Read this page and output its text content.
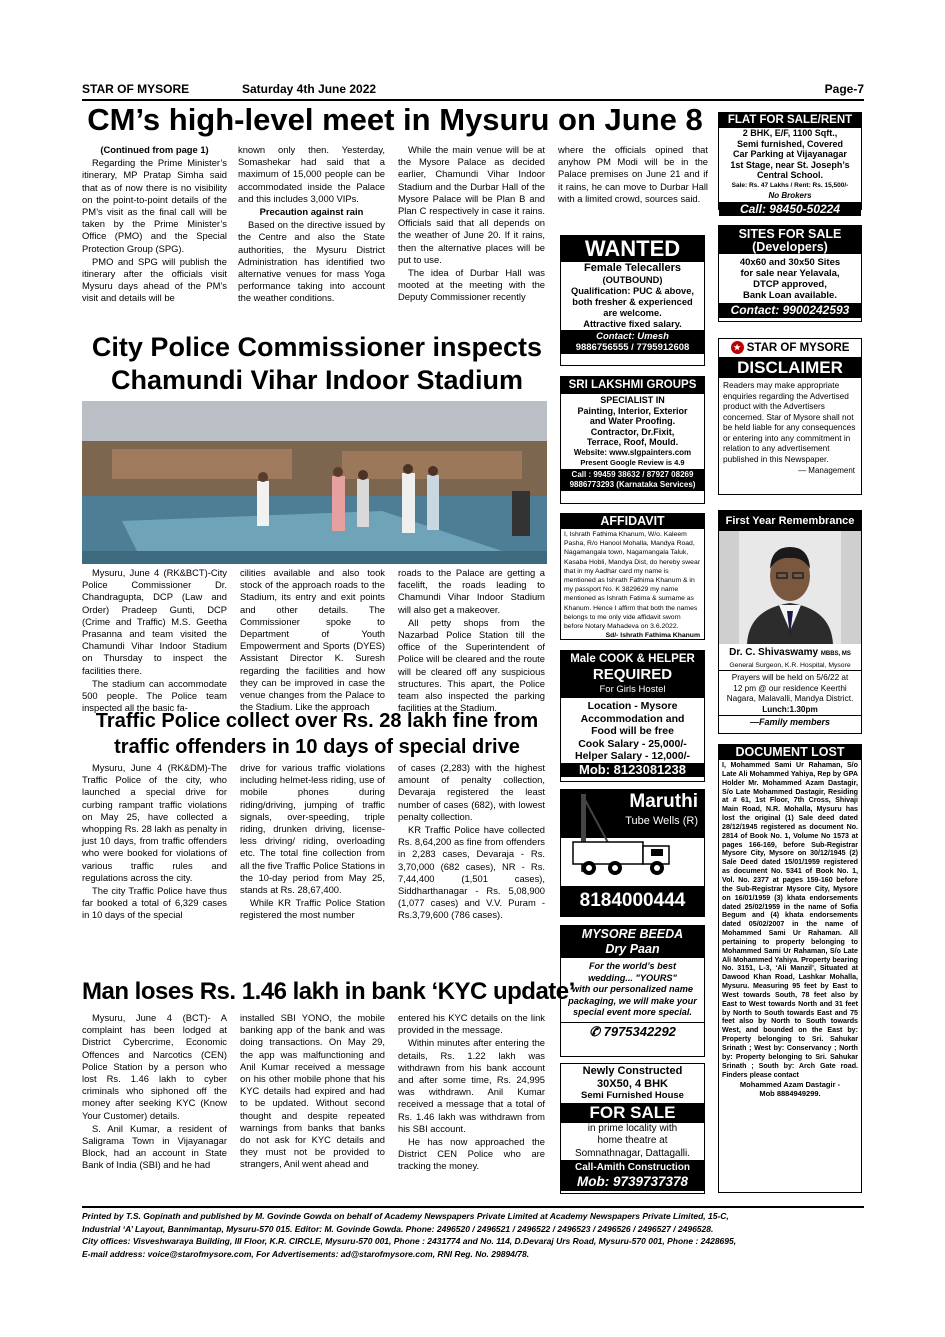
STAR OF MYSORE	Saturday 4th June 2022	Page-7
CM’s high-level meet in Mysuru on June 8

(Continued from page 1)

Regarding the Prime Minister’s itinerary, MP Pratap Simha said that as of now there is no visibility on the point-to-point details of the PM’s visit as the final call will be taken by the Prime Minister’s Office (PMO) and the Special Protection Group (SPG).

PMO and SPG will publish the itinerary after the officials visit Mysuru days ahead of the PM’s visit and details will be

known only then. Yesterday, Somashekar had said that a maximum of 15,000 people can be accommodated inside the Palace and this includes 3,000 VIPs.

Precaution against rain

Based on the directive issued by the Centre and also the State authorities, the Mysuru District Administration has identified two alternative venues for mass Yoga performance taking into account the weather conditions.

While the main venue will be at the Mysore Palace as decided earlier, Chamundi Vihar Indoor Stadium and the Durbar Hall of the Mysore Palace will be Plan B and Plan C respectively in case it rains. Officials said that all depends on the weather of June 20. If it rains, then the alternative places will be put to use.

The idea of Durbar Hall was mooted at the meeting with the Deputy Commissioner recently

where the officials opined that anyhow PM Modi will be in the Palace premises on June 21 and if it rains, he can move to Durbar Hall with a limited crowd, sources said.

City Police Commissioner inspects
Chamundi Vihar Indoor Stadium

Mysuru, June 4 (RK&BCT)-City Police Commissioner Dr. Chandragupta, DCP (Law and Order) Pradeep Gunti, DCP (Crime and Traffic) M.S. Geetha Prasanna and team visited the Chamundi Vihar Indoor Stadium on Thursday to inspect the facilities there.

The stadium can accommodate 500 people. The Police team inspected all the basic fa-

cilities available and also took stock of the approach roads to the Stadium, its entry and exit points and other details. The Commissioner spoke to Department of Youth Empowerment and Sports (DYES) Assistant Director K. Suresh regarding the facilities and how they can be improved in case the venue changes from the Palace to the Stadium. Like the approach

roads to the Palace are getting a facelift, the roads leading to Chamundi Vihar Indoor Stadium will also get a makeover.

All petty shops from the Nazarbad Police Station till the office of the Superintendent of Police will be cleared and the route will be cleared off any suspicious structures. This apart, the Police team also inspected the parking facilities at the Stadium.

Traffic Police collect over Rs. 28 lakh fine from
traffic offenders in 10 days of special drive

Mysuru, June 4 (RK&DM)-The Traffic Police of the city, who launched a special drive for curbing rampant traffic violations on May 25, have collected a whopping Rs. 28 lakh as penalty in just 10 days, from traffic offenders who were booked for violations of various traffic rules and regulations across the city.

The city Traffic Police have thus far booked a total of 6,329 cases in 10 days of the special

drive for various traffic violations including helmet-less riding, use of mobile phones during riding/driving, jumping of traffic signals, over-speeding, triple riding, drunken driving, license-less driving/ riding, overloading etc. The total fine collection from all the five Traffic Police Stations in the 10-day period from May 25, stands at Rs. 28,67,400.

While KR Traffic Police Station registered the most number

of cases (2,283) with the highest amount of penalty collection, Devaraja registered the least number of cases (682), with lowest penalty collection.

KR Traffic Police have collected Rs. 8,64,200 as fine from offenders in 2,283 cases, Devaraja - Rs. 3,70,000 (682 cases), NR - Rs. 7,44,400 (1,501 cases), Siddharthanagar - Rs. 5,08,900 (1,077 cases) and V.V. Puram - Rs.3,79,600 (786 cases).

Man loses Rs. 1.46 lakh in bank ‘KYC update’

Mysuru, June 4 (BCT)- A complaint has been lodged at District Cybercrime, Economic Offences and Narcotics (CEN) Police Station by a person who lost Rs. 1.46 lakh to cyber criminals who siphoned off the money after seeking KYC (Know Your Customer) details.

S. Anil Kumar, a resident of Saligrama Town in Vijayanagar Block, had an account in State Bank of India (SBI) and he had

installed SBI YONO, the mobile banking app of the bank and was doing transactions. On May 29, the app was malfunctioning and Anil Kumar received a message on his other mobile phone that his KYC details had expired and had to be updated. Without second thought and despite repeated warnings from banks that banks do not ask for KYC details and they must not be provided to strangers, Anil went ahead and

entered his KYC details on the link provided in the message.

Within minutes after entering the details, Rs. 1.22 lakh was withdrawn from his bank account and after some time, Rs. 24,995 was withdrawn. Anil Kumar received a message that a total of Rs. 1.46 lakh was withdrawn from his SBI account.

He has now approached the District CEN Police who are tracking the money.

FLAT FOR SALE/RENT
2 BHK, E/F, 1100 Sqft.,
Semi furnished, Covered
Car Parking at Vijayanagar
1st Stage, near St. Joseph’s
Central School.
Sale: Rs. 47 Lakhs / Rent: Rs. 15,500/-
No Brokers
Call: 98450-50224
SITES FOR SALE
(Developers)
40x60 and 30x50 Sites
for sale near Yelavala,
DTCP approved,
Bank Loan available.
Contact: 9900242593
WANTED
Female Telecallers
(OUTBOUND)
Qualification: PUC & above,
both fresher & experienced
are welcome.
Attractive fixed salary.
Contact: Umesh
9886756555 / 7795912608	★ STAR OF MYSORE
DISCLAIMER
Readers may make appropriate enquiries regarding the Advertised product with the Advertisers concerned. Star of Mysore shall not be held liable for any consequences or entering into any commitment in relation to any advertisement published in this Newspaper.
— Management
SRI LAKSHMI GROUPS
SPECIALIST IN
Painting, Interior, Exterior
and Water Proofing.
Contractor, Dr.Fixit,
Terrace, Roof, Mould.
Website: www.slgpainters.com
Present Google Review is 4.9
Call : 99459 38632 / 87927 08269
9886773293 (Karnataka Services)
AFFIDAVIT
I, Ishrath Fathima Khanum, W/o. Kaleem Pasha, R/o Hanool Mohalla, Mandya Road, Nagamangala town, Nagamangala Taluk, Kasaba Hobli, Mandya Dist, do hereby swear that in my Aadhar card my name is mentioned as Ishrath Fathima Khanum & in my passport No. K 3829629 my name mentioned as Ishrath Fatima & surname as Khanum. Hence I affirm that both the names belongs to me only vide affidavit sworn before Notary Mahadeva on 3.6.2022.
Sd/- Ishrath Fathima Khanum
First Year Remembrance
Dr. C. Shivaswamy MBBS, MS
General Surgeon, K.R. Hospital, Mysore
Prayers will be held on 5/6/22 at
12 pm @ our residence Keerthi
Nagara, Malavalli, Mandya District.
Lunch:1.30pm
—Family members
Male COOK & HELPER
REQUIRED
For Girls Hostel
Location - Mysore
Accommodation and
Food will be free
Cook Salary - 25,000/-
Helper Salary - 12,000/-
Mob: 8123081238
DOCUMENT LOST
I, Mohammed Sami Ur Rahaman, S/o Late Ali Mohammed Yahiya, Rep by GPA Holder Mr. Mohammed Azam Dastagir, S/o Late Mohammed Dastagir, Residing at # 61, 1st Floor, 7th Cross, Shivaji Main Road, N.R. Mohalla, Mysuru has lost the original (1) Sale deed dated 28/12/1945 registered as document No. 2814 of Book No. 1, Volume No 1573 at pages 166-169, before Sub-Registrar Mysore City, Mysore on 30/12/1945 (2) Sale Deed dated 15/01/1959 registered as document No. 5341 of Book No. 1, Vol. No. 2377 at pages 159-160 before the Sub-Registrar Mysore City, Mysore on 16/01/1959 (3) khata endorsements dated 25/02/1959 in the name of Sofia Begum and (4) khata endorsements dated 05/02/2007 in the name of Mohammed Sami Ur Rahaman. All pertaining to property belonging to Mohammed Sami Ur Rahaman, S/o Late Ali Mohammed Yahiya. Property bearing No. 3151, L-3, ‘Ali Manzil’, Situated at Dawood Khan Road, Lashkar Mohalla, Mysuru. Measuring 95 feet by East to West towards South, 78 feet also by East to West towards North and 31 feet by North to South towards East and 75 feet also by North to South towards West, and bounded on the East by: Property belonging to Sri. Sahukar Srinath ; West by: Conservancy ; North by: Property belonging to Sri. Sahukar Srinath ; South by: Arch Gate road. Finders please contact
Mohammed Azam Dastagir -
Mob 8884949299.
Maruthi
Tube Wells (R)
8184000444
MYSORE BEEDA
Dry Paan
For the world’s best
wedding... "YOURS"
with our personalized name
packaging, we will make your
special event more special.
✆ 7975342292
Newly Constructed
30X50, 4 BHK
Semi Furnished House
FOR SALE
in prime locality with
home theatre at
Somnathnagar, Dattagalli.
Call-Amith Construction
Mob: 9739737378
Printed by T.S. Gopinath and published by M. Govinde Gowda on behalf of Academy Newspapers Private Limited at Academy Newspapers Private Limited, 15-C,
Industrial ‘A’ Layout, Bannimantap, Mysuru-570 015. Editor: M. Govinde Gowda. Phone: 2496520 / 2496521 / 2496522 / 2496523 / 2496526 / 2496527 / 2496528.
City offices: Visveshwaraya Building, III Floor, K.R. CIRCLE, Mysuru-570 001, Phone : 2431774 and No. 114, D.Devaraj Urs Road, Mysuru-570 001, Phone : 2428695,
E-mail address: voice@starofmysore.com, For Advertisements: ad@starofmysore.com, RNI Reg. No. 29894/78.
